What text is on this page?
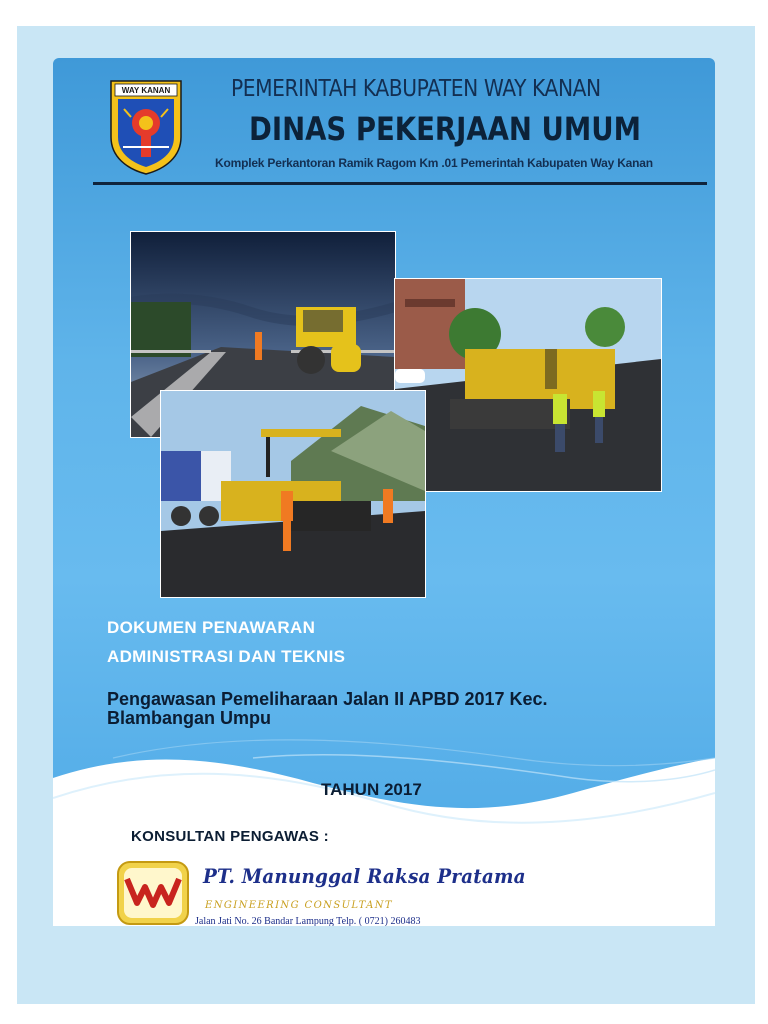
WAY KANAN	PEMERINTAH KABUPATEN WAY KANAN
DINAS PEKERJAAN UMUM
Komplek Perkantoran Ramik Ragom Km .01 Pemerintah Kabupaten Way Kanan
DOKUMEN PENAWARAN
ADMINISTRASI DAN TEKNIS
Pengawasan Pemeliharaan Jalan II APBD 2017 Kec. Blambangan Umpu
TAHUN 2017
KONSULTAN PENGAWAS :
PT. Manunggal Raksa Pratama
ENGINEERING CONSULTANT
Jalan Jati No. 26 Bandar Lampung Telp. ( 0721) 260483
